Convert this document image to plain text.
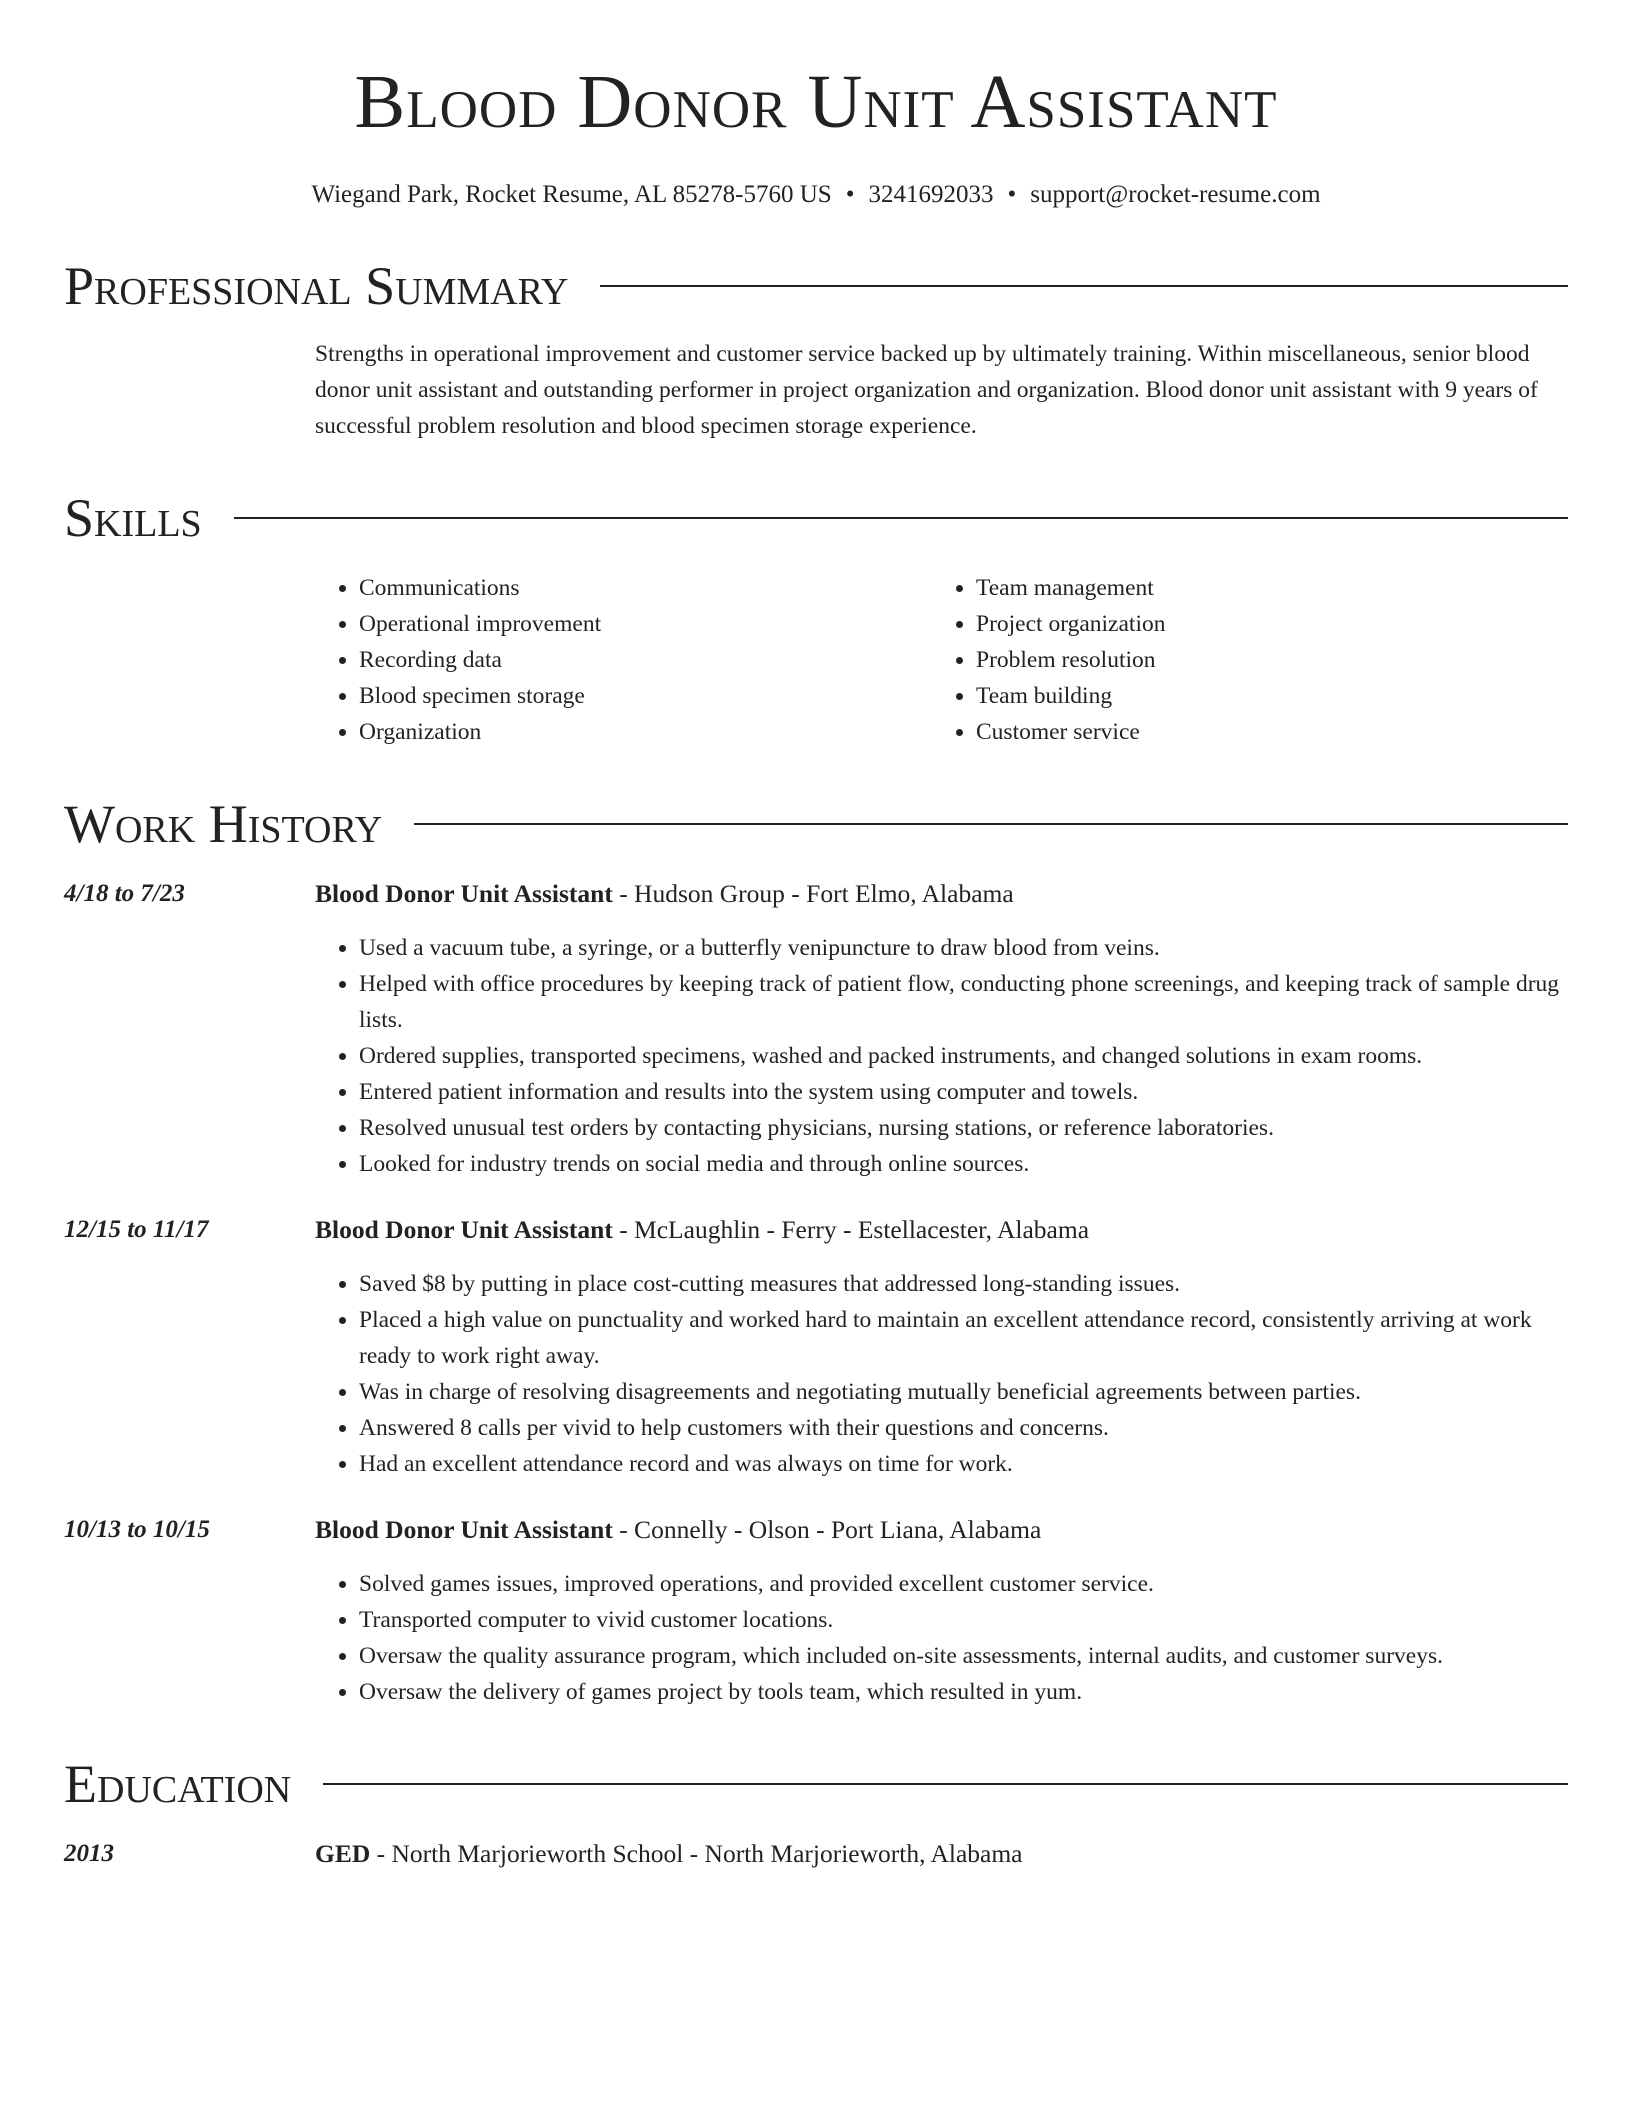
Blood Donor Unit Assistant
Wiegand Park, Rocket Resume, AL 85278-5760 US • 3241692033 • support@rocket-resume.com
Professional Summary
Strengths in operational improvement and customer service backed up by ultimately training. Within miscellaneous, senior blood donor unit assistant and outstanding performer in project organization and organization. Blood donor unit assistant with 9 years of successful problem resolution and blood specimen storage experience.
Skills
• Communications
• Operational improvement
• Recording data
• Blood specimen storage
• Organization
• Team management
• Project organization
• Problem resolution
• Team building
• Customer service
Work History
4/18 to 7/23	Blood Donor Unit Assistant - Hudson Group - Fort Elmo, Alabama
• Used a vacuum tube, a syringe, or a butterfly venipuncture to draw blood from veins.
• Helped with office procedures by keeping track of patient flow, conducting phone screenings, and keeping track of sample drug lists.
• Ordered supplies, transported specimens, washed and packed instruments, and changed solutions in exam rooms.
• Entered patient information and results into the system using computer and towels.
• Resolved unusual test orders by contacting physicians, nursing stations, or reference laboratories.
• Looked for industry trends on social media and through online sources.
12/15 to 11/17	Blood Donor Unit Assistant - McLaughlin - Ferry - Estellacester, Alabama
• Saved $8 by putting in place cost-cutting measures that addressed long-standing issues.
• Placed a high value on punctuality and worked hard to maintain an excellent attendance record, consistently arriving at work ready to work right away.
• Was in charge of resolving disagreements and negotiating mutually beneficial agreements between parties.
• Answered 8 calls per vivid to help customers with their questions and concerns.
• Had an excellent attendance record and was always on time for work.
10/13 to 10/15	Blood Donor Unit Assistant - Connelly - Olson - Port Liana, Alabama
• Solved games issues, improved operations, and provided excellent customer service.
• Transported computer to vivid customer locations.
• Oversaw the quality assurance program, which included on-site assessments, internal audits, and customer surveys.
• Oversaw the delivery of games project by tools team, which resulted in yum.
Education
2013	GED - North Marjorieworth School - North Marjorieworth, Alabama
